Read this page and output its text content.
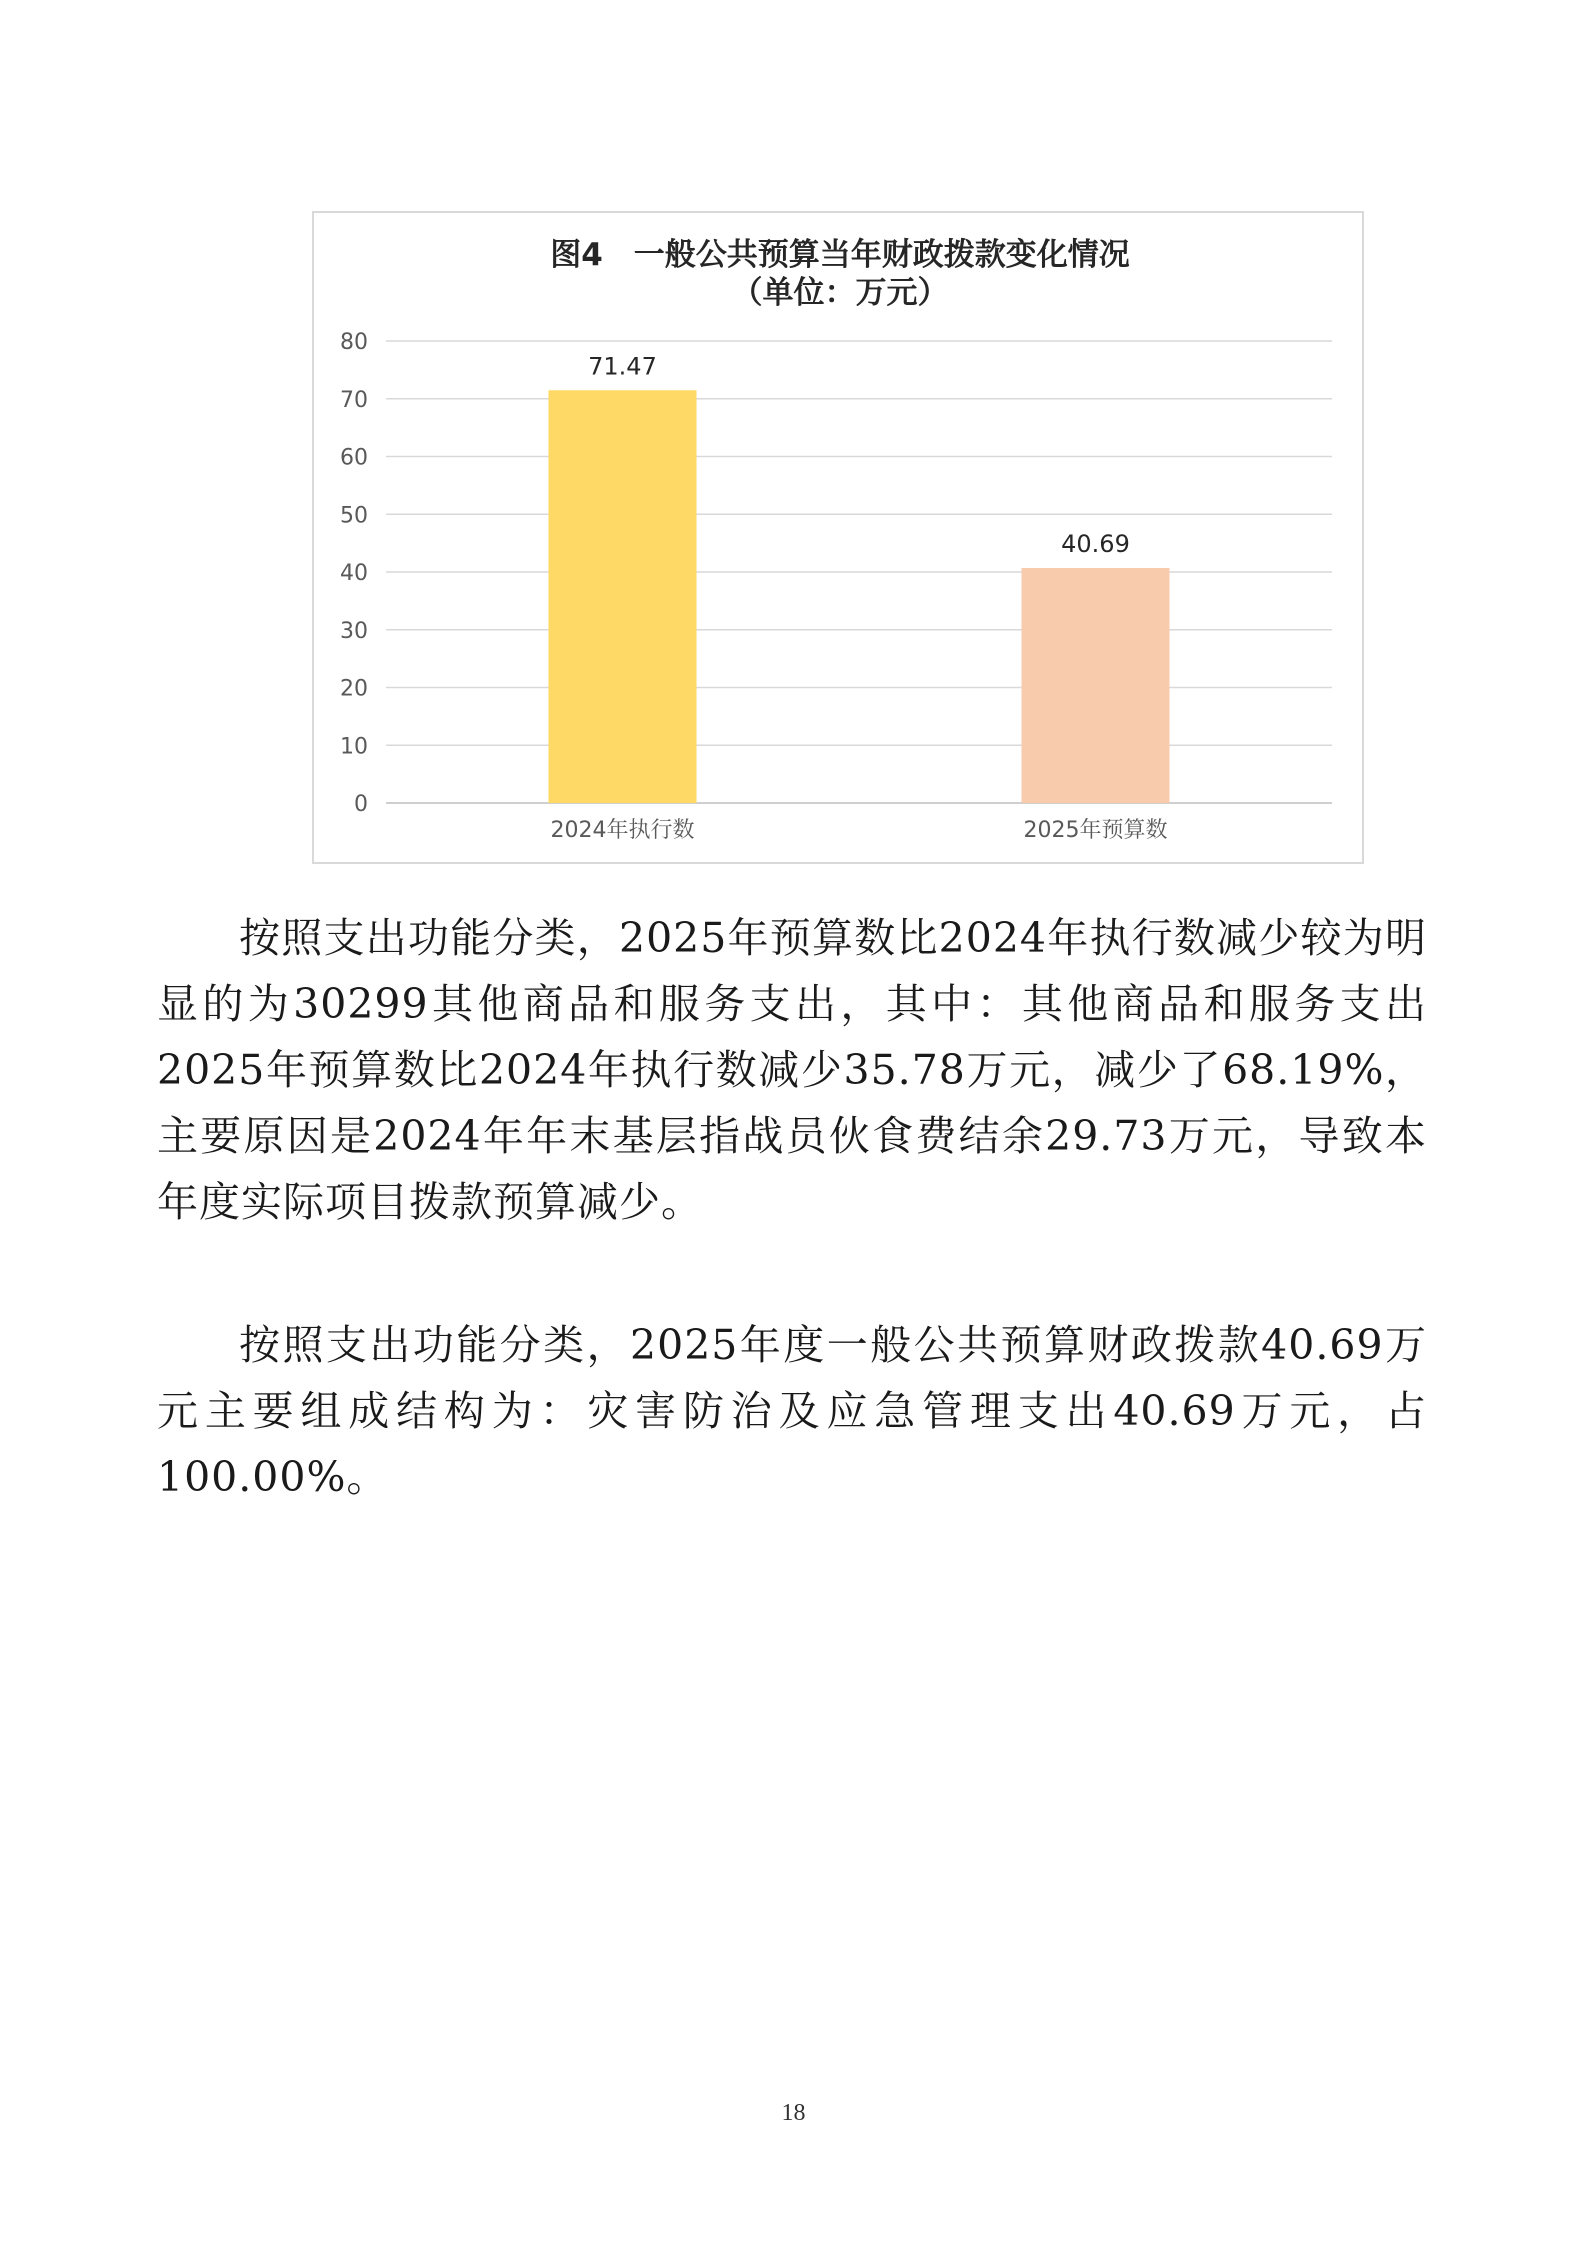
图4　一般公共预算当年财政拨款变化情况
（单位：万元）
0
10
20
30
40
50
60
70
80
71.47
40.69
2024年执行数	2025年预算数

按照支出功能分类，2025年预算数比2024年执行数减少较为明显的为30299其他商品和服务支出，其中：其他商品和服务支出2025年预算数比2024年执行数减少35.78万元，减少了68.19%，主要原因是2024年年末基层指战员伙食费结余29.73万元，导致本年度实际项目拨款预算减少。

按照支出功能分类，2025年度一般公共预算财政拨款40.69万元主要组成结构为：灾害防治及应急管理支出40.69万元，占100.00%。

18
